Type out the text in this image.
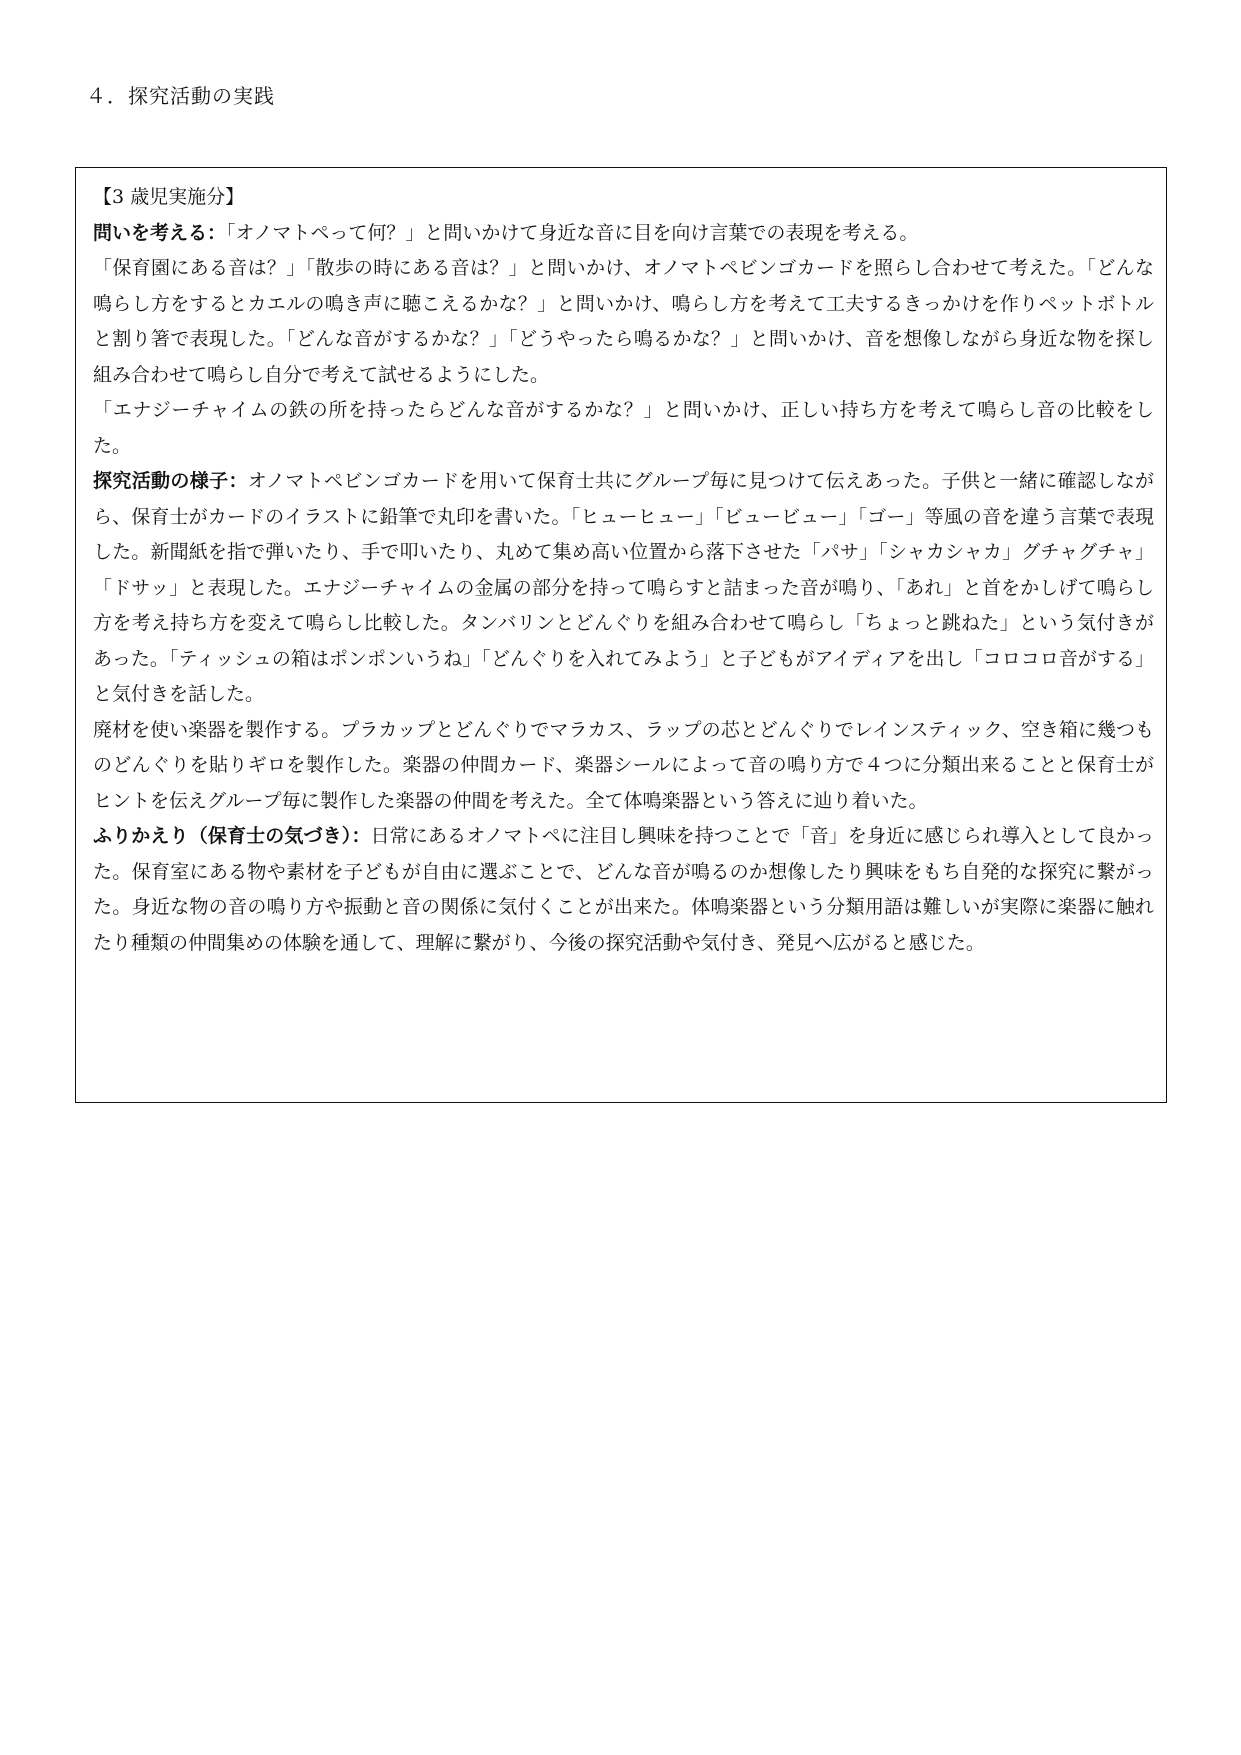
４．探究活動の実践

【3 歳児実施分】

問いを考える：「オノマトペって何？」と問いかけて身近な音に目を向け言葉での表現を考える。

「保育園にある音は？」「散歩の時にある音は？」と問いかけ、オノマトペビンゴカードを照らし合わせて考えた。「どんな鳴らし方をするとカエルの鳴き声に聴こえるかな？」と問いかけ、鳴らし方を考えて工夫するきっかけを作りペットボトルと割り箸で表現した。「どんな音がするかな？」「どうやったら鳴るかな？」と問いかけ、音を想像しながら身近な物を探し組み合わせて鳴らし自分で考えて試せるようにした。

「エナジーチャイムの鉄の所を持ったらどんな音がするかな？」と問いかけ、正しい持ち方を考えて鳴らし音の比較をした。

探究活動の様子：オノマトペビンゴカードを用いて保育士共にグループ毎に見つけて伝えあった。子供と一緒に確認しながら、保育士がカードのイラストに鉛筆で丸印を書いた。「ヒューヒュー」「ビュービュー」「ゴー」等風の音を違う言葉で表現した。新聞紙を指で弾いたり、手で叩いたり、丸めて集め高い位置から落下させた「パサ」「シャカシャカ」グチャグチャ」「ドサッ」と表現した。エナジーチャイムの金属の部分を持って鳴らすと詰まった音が鳴り、「あれ」と首をかしげて鳴らし方を考え持ち方を変えて鳴らし比較した。タンバリンとどんぐりを組み合わせて鳴らし「ちょっと跳ねた」という気付きがあった。「ティッシュの箱はポンポンいうね」「どんぐりを入れてみよう」と子どもがアイディアを出し「コロコロ音がする」と気付きを話した。

廃材を使い楽器を製作する。プラカップとどんぐりでマラカス、ラップの芯とどんぐりでレインスティック、空き箱に幾つものどんぐりを貼りギロを製作した。楽器の仲間カード、楽器シールによって音の鳴り方で４つに分類出来ることと保育士がヒントを伝えグループ毎に製作した楽器の仲間を考えた。全て体鳴楽器という答えに辿り着いた。

ふりかえり（保育士の気づき）：日常にあるオノマトペに注目し興味を持つことで「音」を身近に感じられ導入として良かった。保育室にある物や素材を子どもが自由に選ぶことで、どんな音が鳴るのか想像したり興味をもち自発的な探究に繋がった。身近な物の音の鳴り方や振動と音の関係に気付くことが出来た。体鳴楽器という分類用語は難しいが実際に楽器に触れたり種類の仲間集めの体験を通して、理解に繋がり、今後の探究活動や気付き、発見へ広がると感じた。
